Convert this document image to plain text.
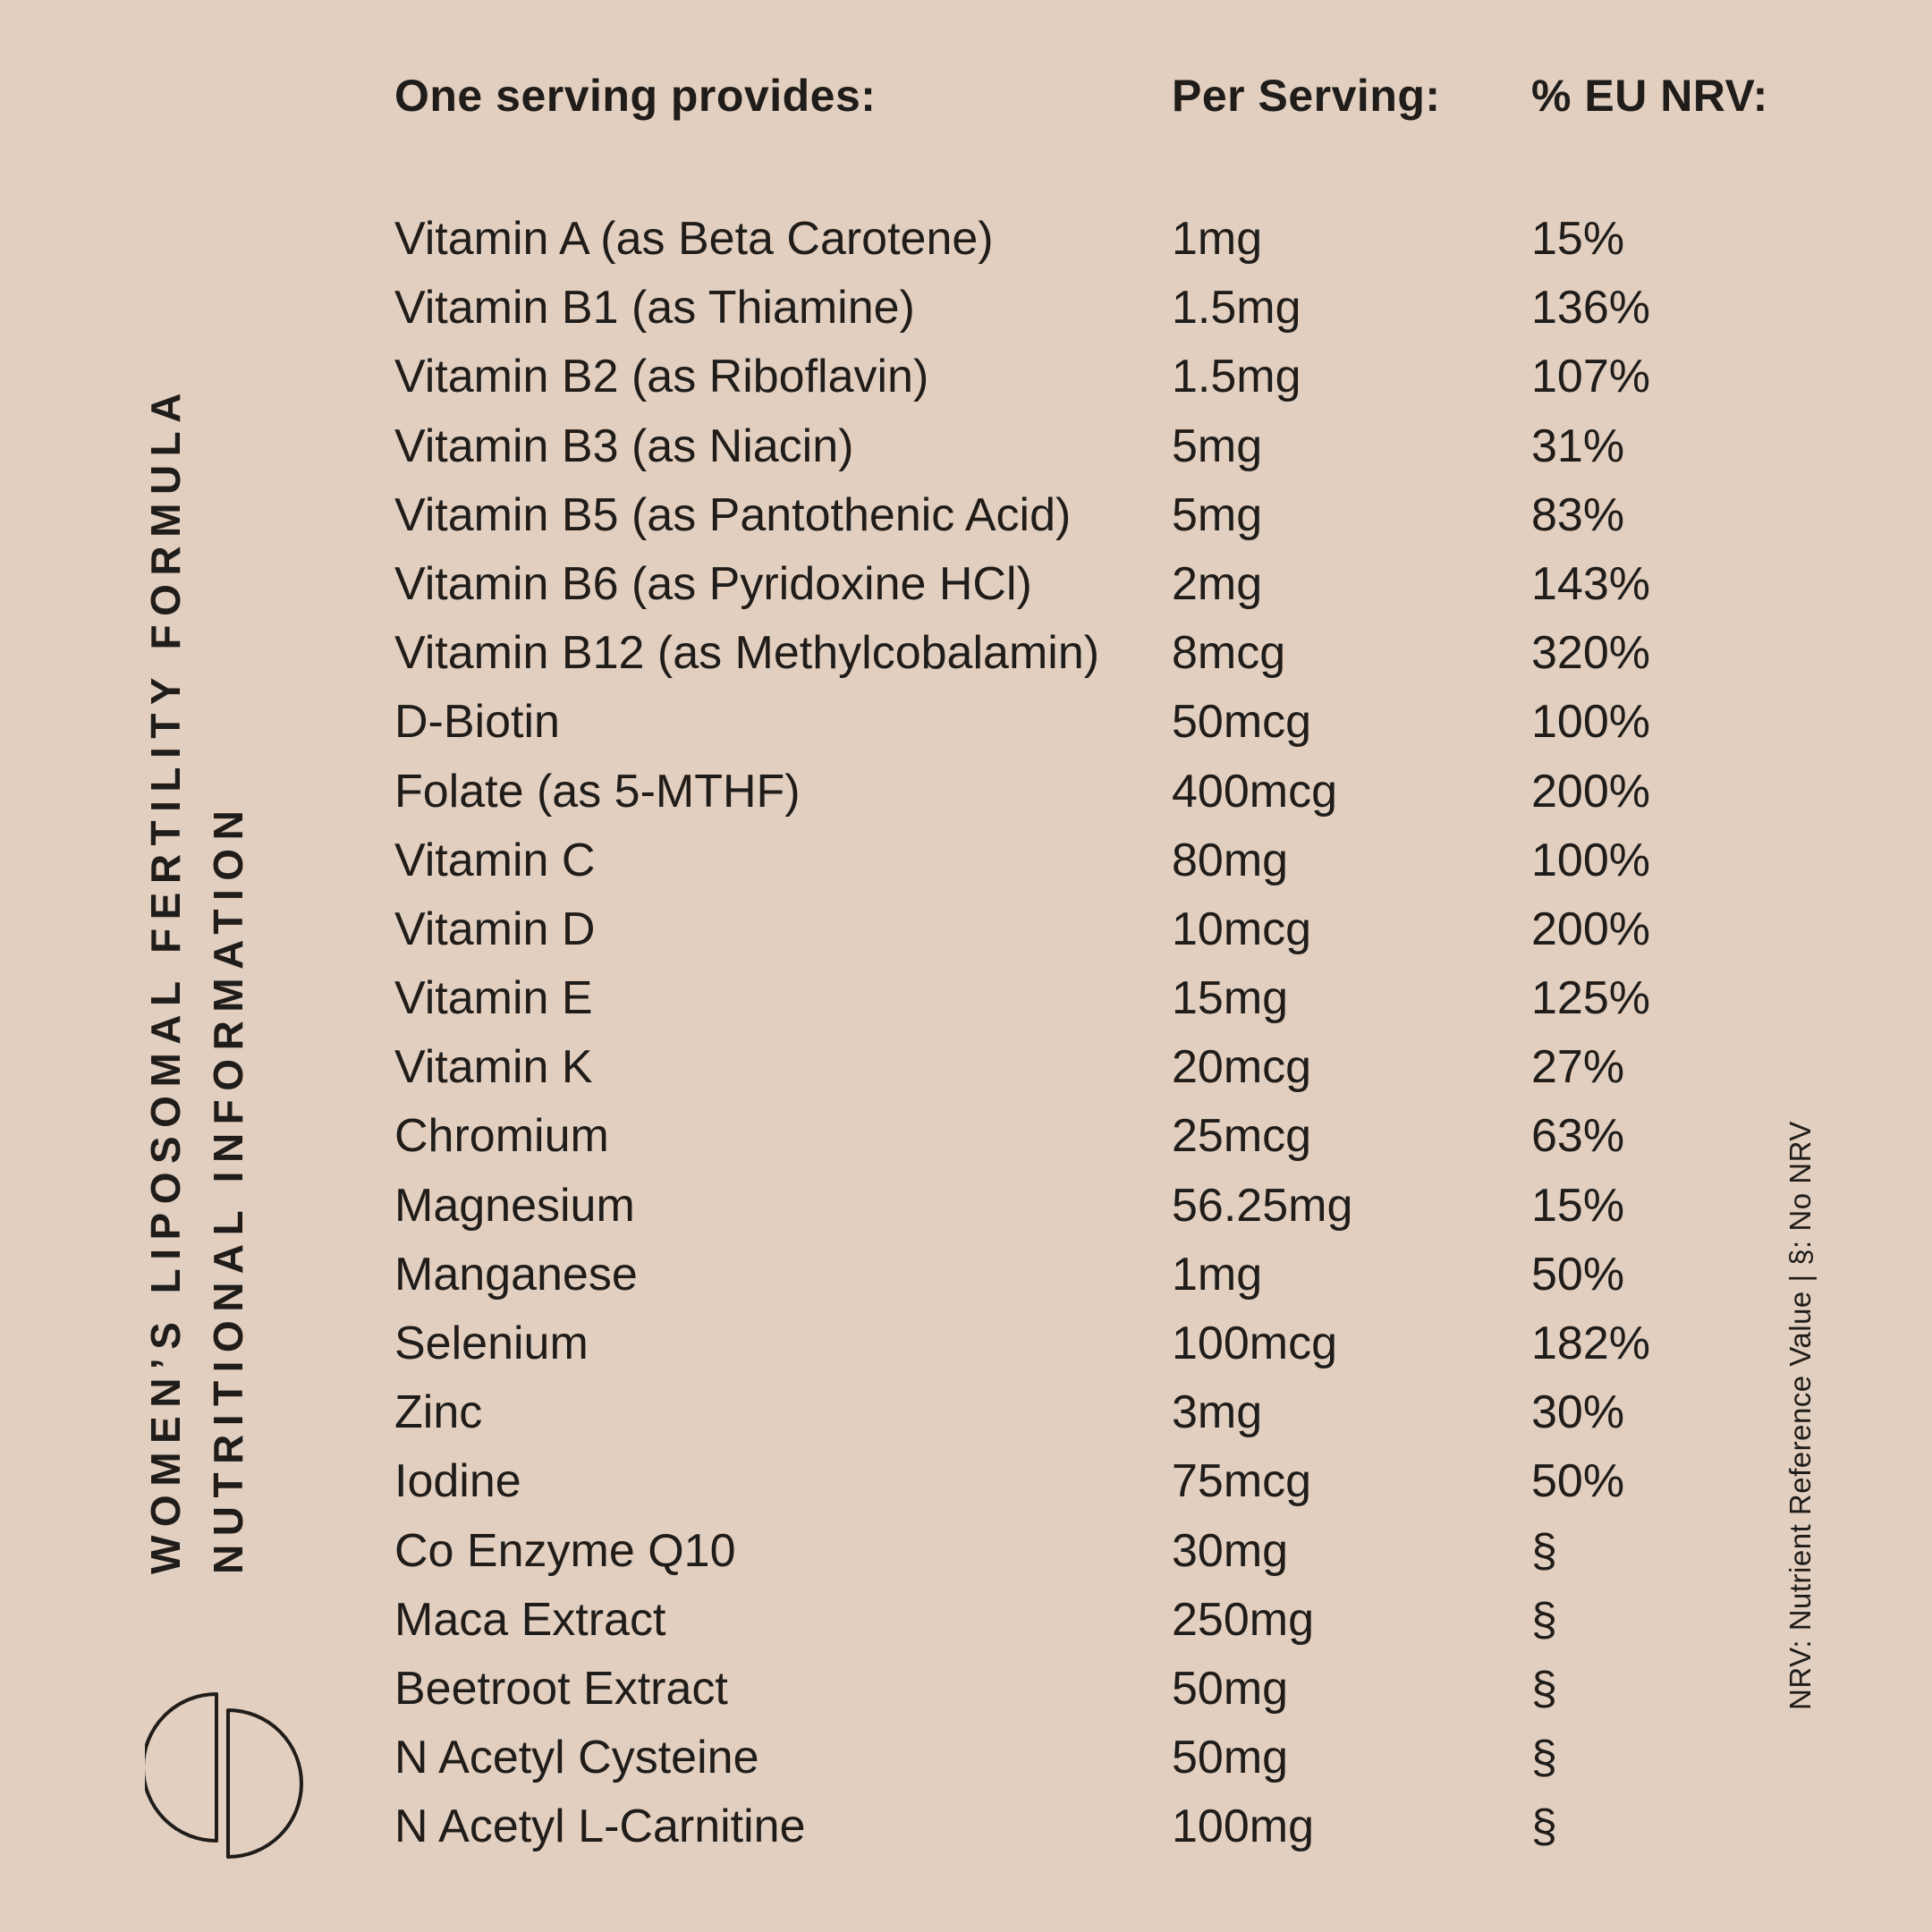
One serving provides:	Per Serving: % EU NRV:
Vitamin A (as Beta Carotene)	1mg	15%
Vitamin B1 (as Thiamine)	1.5mg	136%
Vitamin B2 (as Riboflavin)	1.5mg	107%
Vitamin B3 (as Niacin)	5mg	31%
Vitamin B5 (as Pantothenic Acid) 5mg	83%
Vitamin B6 (as Pyridoxine HCl)	2mg	143%
Vitamin B12 (as Methylcobalamin) 8mcg	320%
D-Biotin	50mcg	100%
Folate (as 5-MTHF)	400mcg	200%
Vitamin C	80mg	100%
Vitamin D	10mcg	200%
Vitamin E	15mg	125%
Vitamin K	20mcg	27%
Chromium	25mcg	63%
Magnesium	56.25mg	15%
Manganese	1mg	50%
Selenium	100mcg	182%
Zinc	3mg	30%
Iodine	75mcg	50%
Co Enzyme Q10	30mg	§
Maca Extract	250mg	§
Beetroot Extract	50mg	§
N Acetyl Cysteine	50mg	§
N Acetyl L-Carnitine	100mg	§
WOMEN’S LIPOSOMAL FERTILITY FORMULA NUTRITIONAL INFORMATION	NRV: Nutrient Reference Value | §: No NRV
